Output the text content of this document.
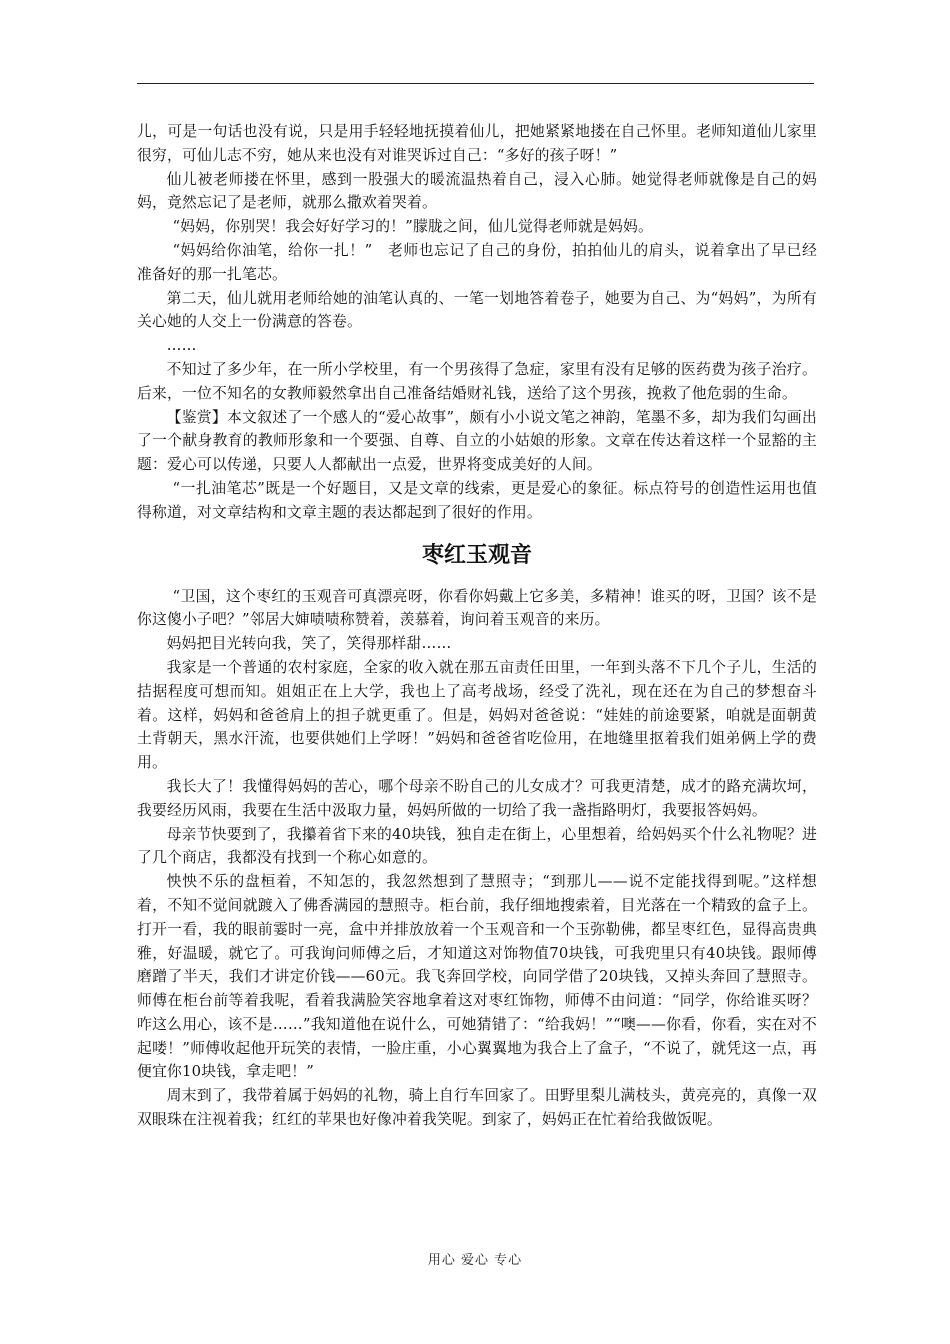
儿，可是一句话也没有说，只是用手轻轻地抚摸着仙儿，把她紧紧地搂在自己怀里。老师知道仙儿家里很穷，可仙儿志不穷，她从来也没有对谁哭诉过自己：“多好的孩子呀！”

仙儿被老师搂在怀里，感到一股强大的暖流温热着自己，浸入心肺。她觉得老师就像是自己的妈妈，竟然忘记了是老师，就那么撒欢着哭着。

“妈妈，你别哭！我会好好学习的！”朦胧之间，仙儿觉得老师就是妈妈。

“妈妈给你油笔，给你一扎！”　老师也忘记了自己的身份，拍拍仙儿的肩头，说着拿出了早已经准备好的那一扎笔芯。

第二天，仙儿就用老师给她的油笔认真的、一笔一划地答着卷子，她要为自己、为“妈妈”，为所有关心她的人交上一份满意的答卷。

……

不知过了多少年，在一所小学校里，有一个男孩得了急症，家里有没有足够的医药费为孩子治疗。后来，一位不知名的女教师毅然拿出自己准备结婚财礼钱，送给了这个男孩，挽救了他危弱的生命。

【鉴赏】本文叙述了一个感人的“爱心故事”，颇有小小说文笔之神韵，笔墨不多，却为我们勾画出了一个献身教育的教师形象和一个要强、自尊、自立的小姑娘的形象。文章在传达着这样一个显豁的主题：爱心可以传递，只要人人都献出一点爱，世界将变成美好的人间。

“一扎油笔芯”既是一个好题目，又是文章的线索，更是爱心的象征。标点符号的创造性运用也值得称道，对文章结构和文章主题的表达都起到了很好的作用。

枣红玉观音

“卫国，这个枣红的玉观音可真漂亮呀，你看你妈戴上它多美，多精神！谁买的呀，卫国？该不是你这傻小子吧？”邻居大婶啧啧称赞着，羡慕着，询问着玉观音的来历。

妈妈把目光转向我，笑了，笑得那样甜……

我家是一个普通的农村家庭，全家的收入就在那五亩责任田里，一年到头落不下几个子儿，生活的拮据程度可想而知。姐姐正在上大学，我也上了高考战场，经受了洗礼，现在还在为自己的梦想奋斗着。这样，妈妈和爸爸肩上的担子就更重了。但是，妈妈对爸爸说：“娃娃的前途要紧，咱就是面朝黄土背朝天，黑水汗流，也要供她们上学呀！”妈妈和爸爸省吃俭用，在地缝里抠着我们姐弟俩上学的费用。

我长大了！我懂得妈妈的苦心，哪个母亲不盼自己的儿女成才？可我更清楚，成才的路充满坎坷，我要经历风雨，我要在生活中汲取力量，妈妈所做的一切给了我一盏指路明灯，我要报答妈妈。

母亲节快要到了，我攥着省下来的40块钱，独自走在街上，心里想着，给妈妈买个什么礼物呢？进了几个商店，我都没有找到一个称心如意的。

怏怏不乐的盘桓着，不知怎的，我忽然想到了慧照寺；“到那儿——说不定能找得到呢。”这样想着，不知不觉间就踱入了佛香满园的慧照寺。柜台前，我仔细地搜索着，目光落在一个精致的盒子上。打开一看，我的眼前霎时一亮，盒中并排放放着一个玉观音和一个玉弥勒佛，都呈枣红色，显得高贵典雅，好温暖，就它了。可我询问师傅之后，才知道这对饰物值70块钱，可我兜里只有40块钱。跟师傅磨蹭了半天，我们才讲定价钱——60元。我飞奔回学校，向同学借了20块钱，又掉头奔回了慧照寺。师傅在柜台前等着我呢，看着我满脸笑容地拿着这对枣红饰物，师傅不由问道：“同学，你给谁买呀？咋这么用心，该不是……”我知道他在说什么，可她猜错了：“给我妈！”“噢——你看，你看，实在对不起喽！”师傅收起他开玩笑的表情，一脸庄重，小心翼翼地为我合上了盒子，“不说了，就凭这一点，再便宜你10块钱，拿走吧！”

周末到了，我带着属于妈妈的礼物，骑上自行车回家了。田野里梨儿满枝头，黄亮亮的，真像一双双眼珠在注视着我；红红的苹果也好像冲着我笑呢。到家了，妈妈正在忙着给我做饭呢。

用心 爱心 专心
